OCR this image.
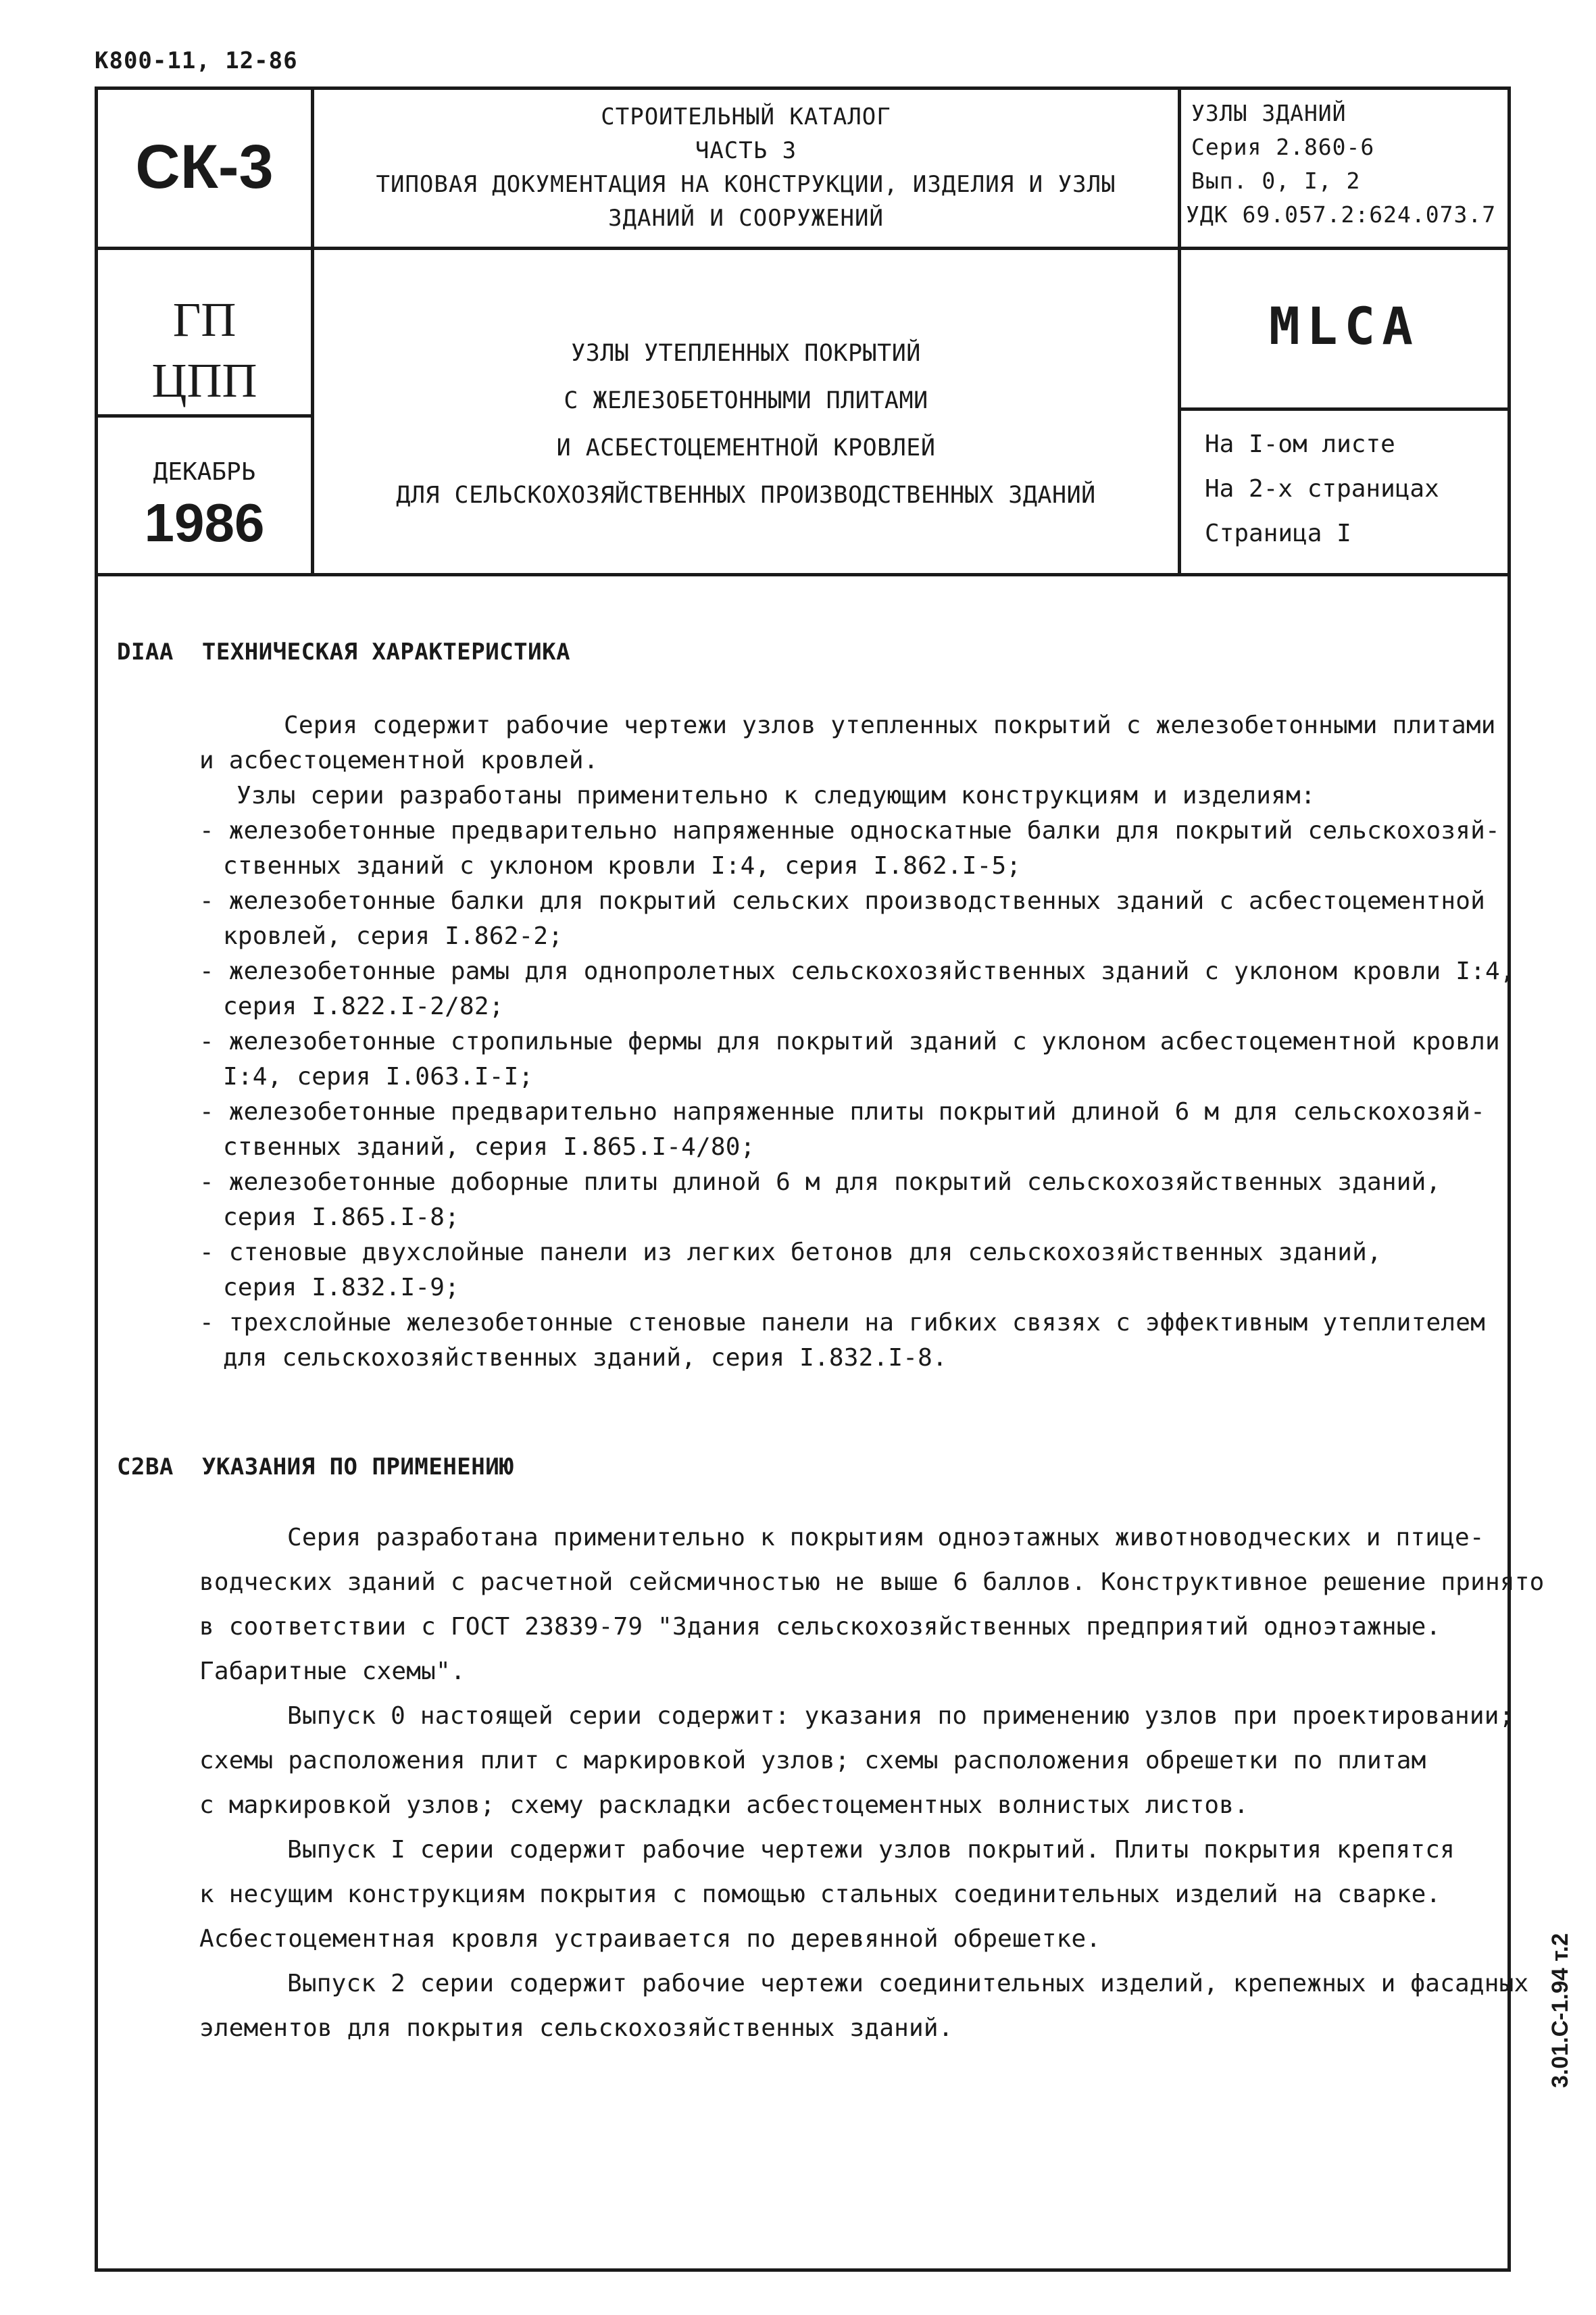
К800-11, 12-86
СК-3
СТРОИТЕЛЬНЫЙ КАТАЛОГ
ЧАСТЬ 3
ТИПОВАЯ ДОКУМЕНТАЦИЯ НА КОНСТРУКЦИИ, ИЗДЕЛИЯ И УЗЛЫ
ЗДАНИЙ И СООРУЖЕНИЙ
УЗЛЫ ЗДАНИЙ
Серия 2.860-6
Вып. 0, I, 2
УДК 69.057.2:624.073.7
ГП
ЦПП
ДЕКАБРЬ
1986
УЗЛЫ УТЕПЛЕННЫХ ПОКРЫТИЙ
С ЖЕЛЕЗОБЕТОННЫМИ ПЛИТАМИ
И АСБЕСТОЦЕМЕНТНОЙ КРОВЛЕЙ
ДЛЯ СЕЛЬСКОХОЗЯЙСТВЕННЫХ ПРОИЗВОДСТВЕННЫХ ЗДАНИЙ
MLCA
На I-ом листе
На 2-х страницах
Страница I
DIAA ТЕХНИЧЕСКАЯ ХАРАКТЕРИСТИКА
Серия содержит рабочие чертежи узлов утепленных покрытий с железобетонными плитами
и асбестоцементной кровлей.
Узлы серии разработаны применительно к следующим конструкциям и изделиям:
- железобетонные предварительно напряженные односкатные балки для покрытий сельскохозяй-
ственных зданий с уклоном кровли I:4, серия I.862.I-5;
- железобетонные балки для покрытий сельских производственных зданий с асбестоцементной
кровлей, серия I.862-2;
- железобетонные рамы для однопролетных сельскохозяйственных зданий с уклоном кровли I:4,
серия I.822.I-2/82;
- железобетонные стропильные фермы для покрытий зданий с уклоном асбестоцементной кровли
I:4, серия I.063.I-I;
- железобетонные предварительно напряженные плиты покрытий длиной 6 м для сельскохозяй-
ственных зданий, серия I.865.I-4/80;
- железобетонные доборные плиты длиной 6 м для покрытий сельскохозяйственных зданий,
серия I.865.I-8;
- стеновые двухслойные панели из легких бетонов для сельскохозяйственных зданий,
серия I.832.I-9;
- трехслойные железобетонные стеновые панели на гибких связях с эффективным утеплителем
для сельскохозяйственных зданий, серия I.832.I-8.
C2BA УКАЗАНИЯ ПО ПРИМЕНЕНИЮ
Серия разработана применительно к покрытиям одноэтажных животноводческих и птице-
водческих зданий с расчетной сейсмичностью не выше 6 баллов. Конструктивное решение принято
в соответствии с ГОСТ 23839-79 "Здания сельскохозяйственных предприятий одноэтажные.
Габаритные схемы".
Выпуск 0 настоящей серии содержит: указания по применению узлов при проектировании;
схемы расположения плит с маркировкой узлов; схемы расположения обрешетки по плитам
с маркировкой узлов; схему раскладки асбестоцементных волнистых листов.
Выпуск I серии содержит рабочие чертежи узлов покрытий. Плиты покрытия крепятся
к несущим конструкциям покрытия с помощью стальных соединительных изделий на сварке.
Асбестоцементная кровля устраивается по деревянной обрешетке.
Выпуск 2 серии содержит рабочие чертежи соединительных изделий, крепежных и фасадных
элементов для покрытия сельскохозяйственных зданий.	3.01.С-1.94 т.2
